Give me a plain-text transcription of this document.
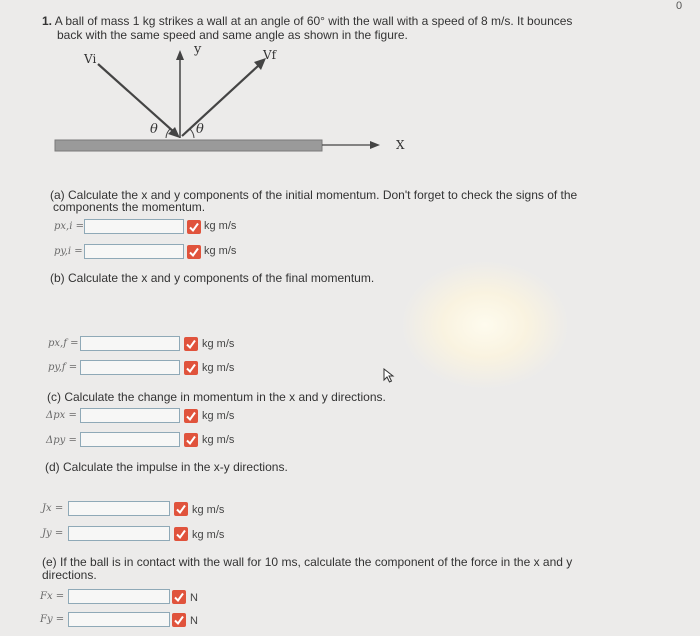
0
1. A ball of mass 1 kg strikes a wall at an angle of 60° with the wall with a speed of 8 m/s. It bounces
back with the same speed and same angle as shown in the figure.
Vi	Vf
y
X
θ	θ
(a) Calculate the x and y components of the initial momentum. Don't forget to check the signs of the
components the momentum.
px,i =	kg m/s
py,i =	kg m/s
(b) Calculate the x and y components of the final momentum.
px,f =	kg m/s
py,f =	kg m/s
(c) Calculate the change in momentum in the x and y directions.
Δpx =	kg m/s
Δpy =	kg m/s
(d) Calculate the impulse in the x-y directions.
Jx =	kg m/s
Jy =	kg m/s
(e) If the ball is in contact with the wall for 10 ms, calculate the component of the force in the x and y
directions.
Fx =	N
Fy =	N
